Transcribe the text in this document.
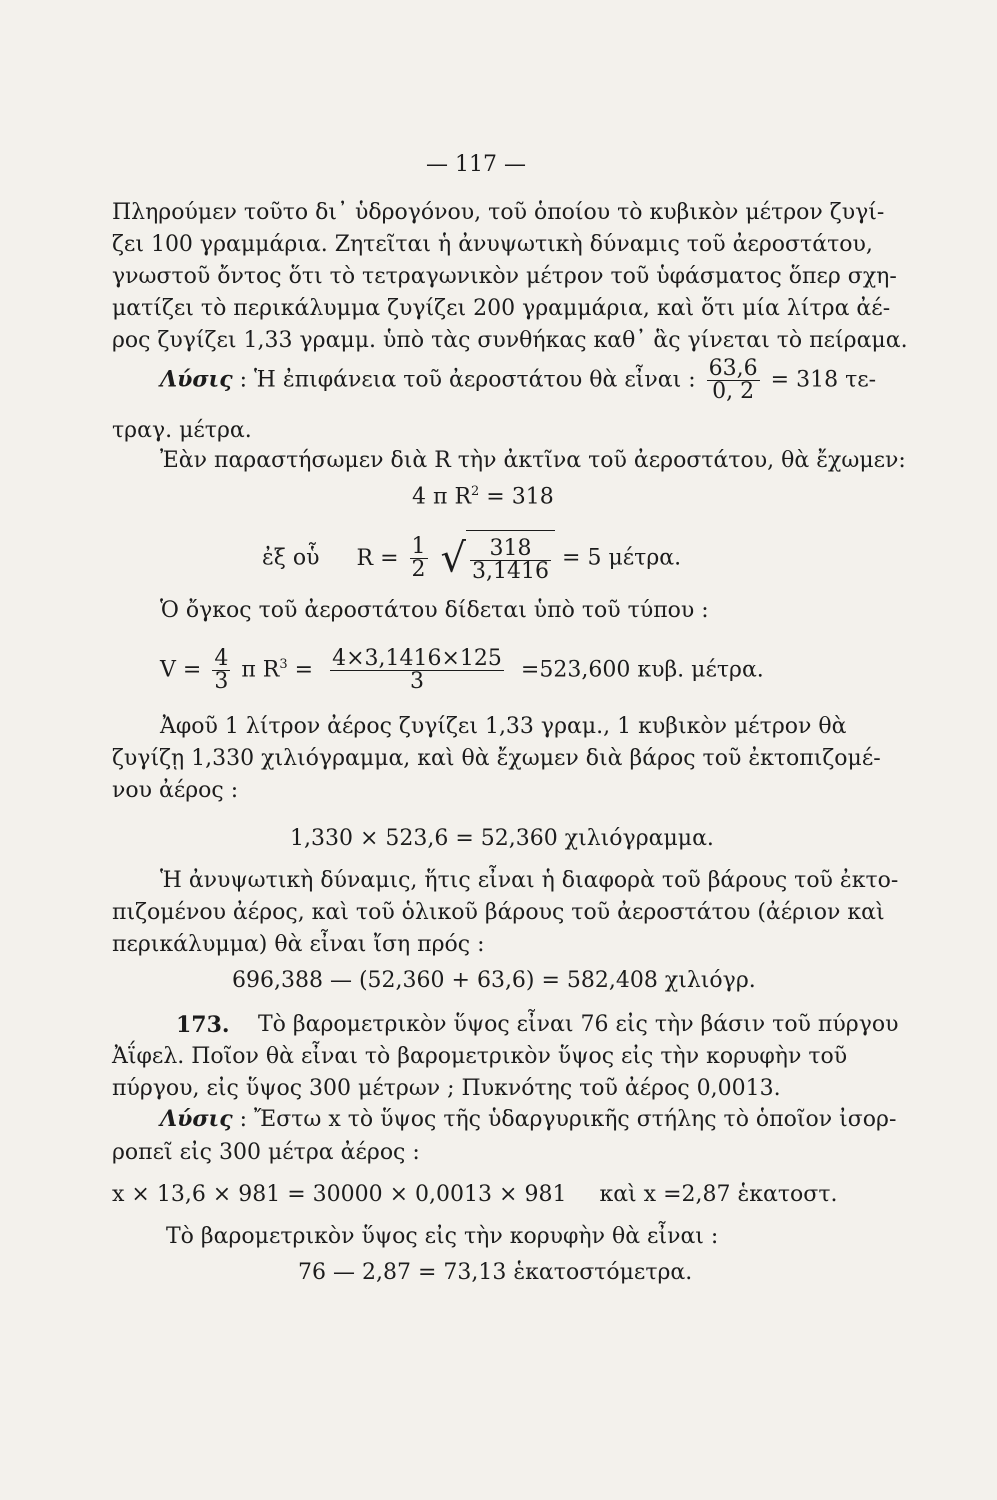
— 117 —
Πληρούμεν τοῦτο δι᾽ ὑδρογόνου, τοῦ ὁποίου τὸ κυβικὸν μέτρον ζυγί-
ζει 100 γραμμάρια. Ζητεῖται ἡ ἀνυψωτικὴ δύναμις τοῦ ἀεροστάτου,
γνωστοῦ ὄντος ὅτι τὸ τετραγωνικὸν μέτρον τοῦ ὑφάσματος ὅπερ σχη-
ματίζει τὸ περικάλυμμα ζυγίζει 200 γραμμάρια, καὶ ὅτι μία λίτρα ἀέ-
ρος ζυγίζει 1,33 γραμμ. ὑπὸ τὰς συνθήκας καθ᾽ ἃς γίνεται τὸ πείραμα.
Λύσις : Ἡ ἐπιφάνεια τοῦ ἀεροστάτου θὰ εἶναι : $\frac{63,6}{0, 2} = 318$ τε-
τραγ. μέτρα.
Ἐὰν παραστήσωμεν διὰ R τὴν ἀκτῖνα τοῦ ἀεροστάτου, θὰ ἔχωμεν:
4 π $R^2 = 318$
ἐξ οὗ $R = \frac{1}{2}$ √ $\frac{318}{3,1416} = 5$ μέτρα.
Ὁ ὄγκος τοῦ ἀεροστάτου δίδεται ὑπὸ τοῦ τύπου :
$V = \frac{4}{3}$ π $R^3 = \frac{4\times 3,1416\times 125}{3} =523,600$ κυβ. μέτρα.
Ἀφοῦ 1 λίτρον ἀέρος ζυγίζει 1,33 γραμ., 1 κυβικὸν μέτρον θὰ
ζυγίζῃ 1,330 χιλιόγραμμα, καὶ θὰ ἔχωμεν διὰ βάρος τοῦ ἐκτοπιζομέ-
νου ἀέρος :
1,330 × 523,6 = 52,360 χιλιόγραμμα.
Ἡ ἀνυψωτικὴ δύναμις, ἥτις εἶναι ἡ διαφορὰ τοῦ βάρους τοῦ ἐκτο-
πιζομένου ἀέρος, καὶ τοῦ ὁλικοῦ βάρους τοῦ ἀεροστάτου (ἀέριον καὶ
περικάλυμμα) θὰ εἶναι ἴση πρός :
696,388 — (52,360 + 63,6) = 582,408 χιλιόγρ.
173. Τὸ βαρομετρικὸν ὕψος εἶναι 76 εἰς τὴν βάσιν τοῦ πύργου
Ἀΐφελ. Ποῖον θὰ εἶναι τὸ βαρομετρικὸν ὕψος εἰς τὴν κορυφὴν τοῦ
πύργου, εἰς ὕψος 300 μέτρων ; Πυκνότης τοῦ ἀέρος 0,0013.
Λύσις : Ἔστω x τὸ ὕψος τῆς ὑδαργυρικῆς στήλης τὸ ὁποῖον ἰσορ-
ροπεῖ εἰς 300 μέτρα ἀέρος :
x × 13,6 × 981 = 30000 × 0,0013 × 981 καὶ x =2,87 ἑκατοστ.
Τὸ βαρομετρικὸν ὕψος εἰς τὴν κορυφὴν θὰ εἶναι :
76 — 2,87 = 73,13 ἑκατοστόμετρα.
